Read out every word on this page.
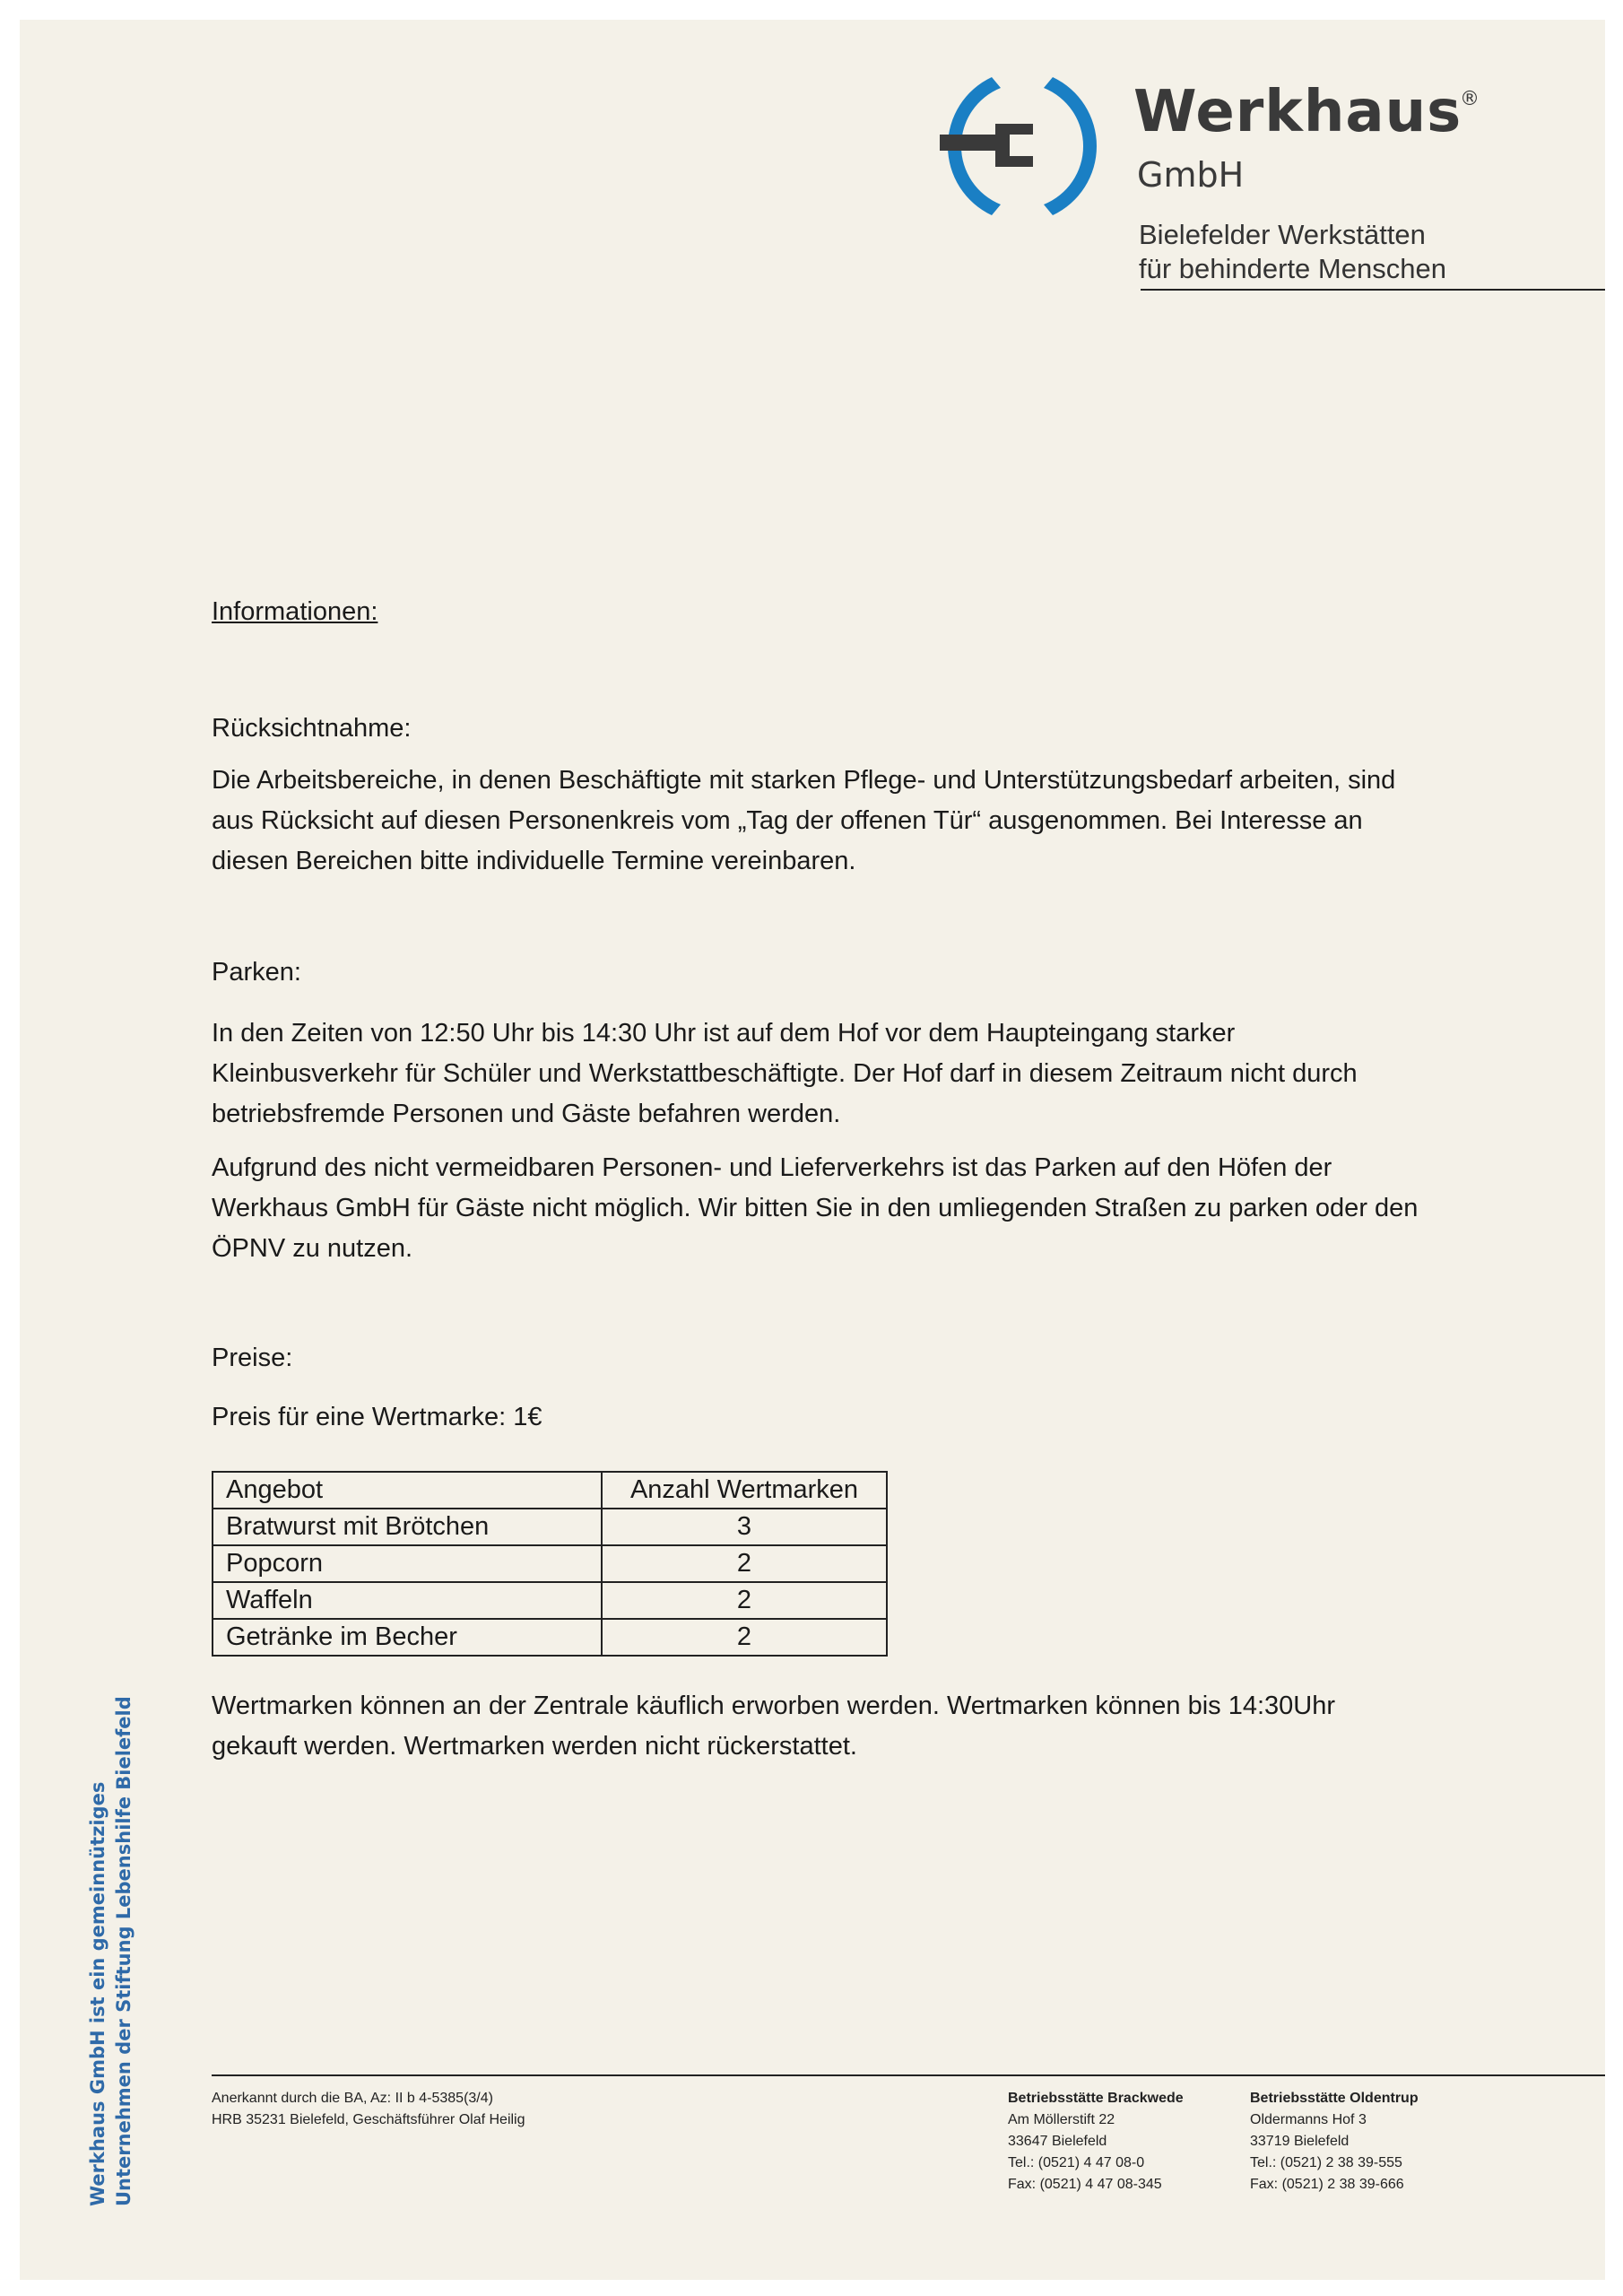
Werkhaus
®
GmbH
Bielefelder Werkstätten
für behinderte Menschen

Informationen:

Rücksichtnahme:

Die Arbeitsbereiche, in denen Beschäftigte mit starken Pflege- und Unterstützungsbedarf arbeiten, sind
aus Rücksicht auf diesen Personenkreis vom „Tag der offenen Tür“ ausgenommen. Bei Interesse an
diesen Bereichen bitte individuelle Termine vereinbaren.

Parken:

In den Zeiten von 12:50 Uhr bis 14:30 Uhr ist auf dem Hof vor dem Haupteingang starker
Kleinbusverkehr für Schüler und Werkstattbeschäftigte. Der Hof darf in diesem Zeitraum nicht durch
betriebsfremde Personen und Gäste befahren werden.
Aufgrund des nicht vermeidbaren Personen- und Lieferverkehrs ist das Parken auf den Höfen der
Werkhaus GmbH für Gäste nicht möglich. Wir bitten Sie in den umliegenden Straßen zu parken oder den
ÖPNV zu nutzen.

Preise:

Preis für eine Wertmarke: 1€

Angebot	Anzahl Wertmarken
Bratwurst mit Brötchen	3
Popcorn	2
Waffeln	2
Getränke im Becher	2
Wertmarken können an der Zentrale käuflich erworben werden. Wertmarken können bis 14:30Uhr
gekauft werden. Wertmarken werden nicht rückerstattet.
Werkhaus GmbH ist ein gemeinnütziges Unternehmen der Stiftung Lebenshilfe Bielefeld	Anerkannt durch die BA, Az: II b 4-5385(3/4)
HRB 35231 Bielefeld, Geschäftsführer Olaf Heilig
Betriebsstätte Brackwede
Am Möllerstift 22
33647 Bielefeld
Tel.: (0521) 4 47 08-0
Fax: (0521) 4 47 08-345
Betriebsstätte Oldentrup
Oldermanns Hof 3
33719 Bielefeld
Tel.: (0521) 2 38 39-555
Fax: (0521) 2 38 39-666
